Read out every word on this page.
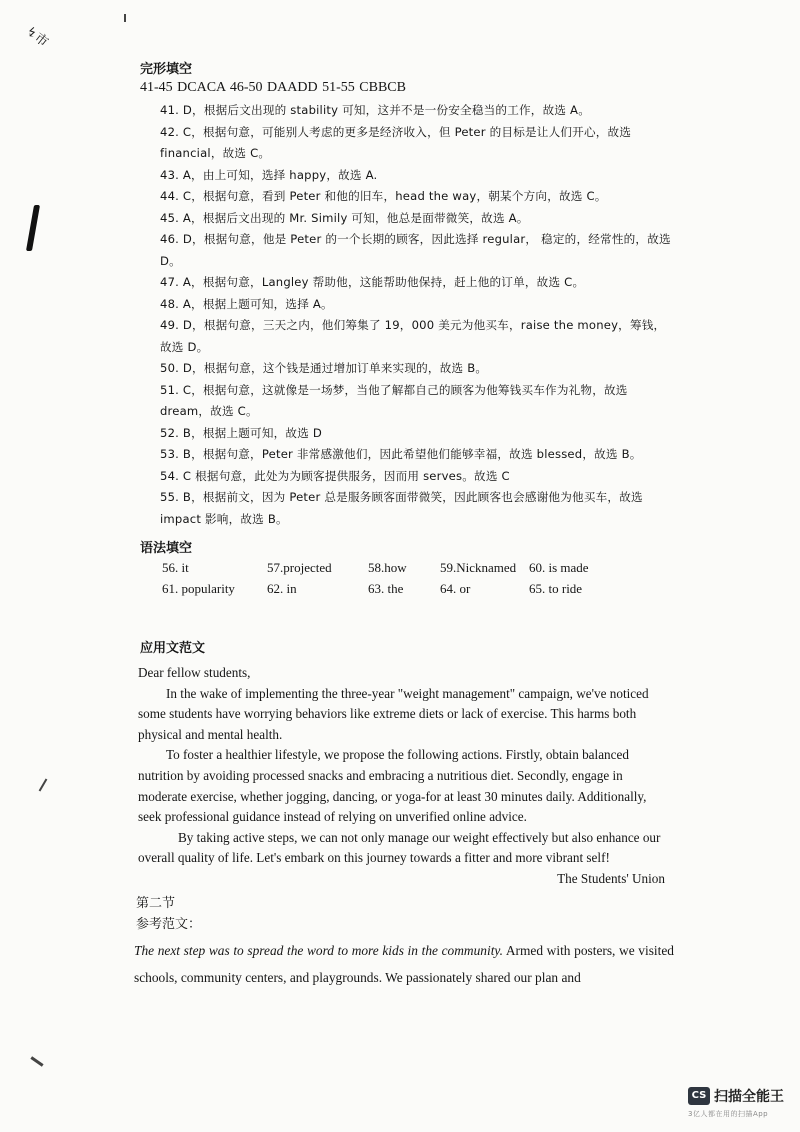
↯市
完形填空
41-45 DCACA 46-50 DAADD 51-55 CBBCB
41. D，根据后文出现的 stability 可知，这并不是一份安全稳当的工作，故选 A。
42. C，根据句意，可能别人考虑的更多是经济收入，但 Peter 的目标是让人们开心，故选 financial，故选 C。
43. A，由上可知，选择 happy，故选 A.
44. C，根据句意，看到 Peter 和他的旧车，head the way，朝某个方向，故选 C。
45. A，根据后文出现的 Mr. Simily 可知，他总是面带微笑，故选 A。
46. D，根据句意，他是 Peter 的一个长期的顾客，因此选择 regular， 稳定的，经常性的，故选 D。
47. A，根据句意，Langley 帮助他，这能帮助他保持，赶上他的订单，故选 C。
48. A，根据上题可知，选择 A。
49. D，根据句意，三天之内，他们筹集了 19，000 美元为他买车，raise the money，筹钱，故选 D。
50. D，根据句意，这个钱是通过增加订单来实现的，故选 B。
51. C，根据句意，这就像是一场梦，当他了解都自己的顾客为他筹钱买车作为礼物，故选 dream，故选 C。
52. B，根据上题可知，故选 D
53. B，根据句意，Peter 非常感激他们，因此希望他们能够幸福，故选 blessed，故选 B。
54. C 根据句意，此处为为顾客提供服务，因而用 serves。故选 C
55. B，根据前文，因为 Peter 总是服务顾客面带微笑，因此顾客也会感谢他为他买车，故选 impact 影响，故选 B。
语法填空
56. it	57.projected	58.how	59.Nicknamed 60. is made
61. popularity 62. in	63. the	64. or	65. to ride
应用文范文

Dear fellow students,

In the wake of implementing the three-year "weight management" campaign, we've noticed some students have worrying behaviors like extreme diets or lack of exercise. This harms both physical and mental health.

To foster a healthier lifestyle, we propose the following actions. Firstly, obtain balanced nutrition by avoiding processed snacks and embracing a nutritious diet. Secondly, engage in moderate exercise, whether jogging, dancing, or yoga-for at least 30 minutes daily. Additionally, seek professional guidance instead of relying on unverified online advice.

By taking active steps, we can not only manage our weight effectively but also enhance our overall quality of life. Let's embark on this journey towards a fitter and more vibrant self!

The Students' Union

第二节
参考范文：
The next step was to spread the word to more kids in the community. Armed with posters, we visited schools, community centers, and playgrounds. We passionately shared our plan and
CS 扫描全能王
3亿人都在用的扫描App
